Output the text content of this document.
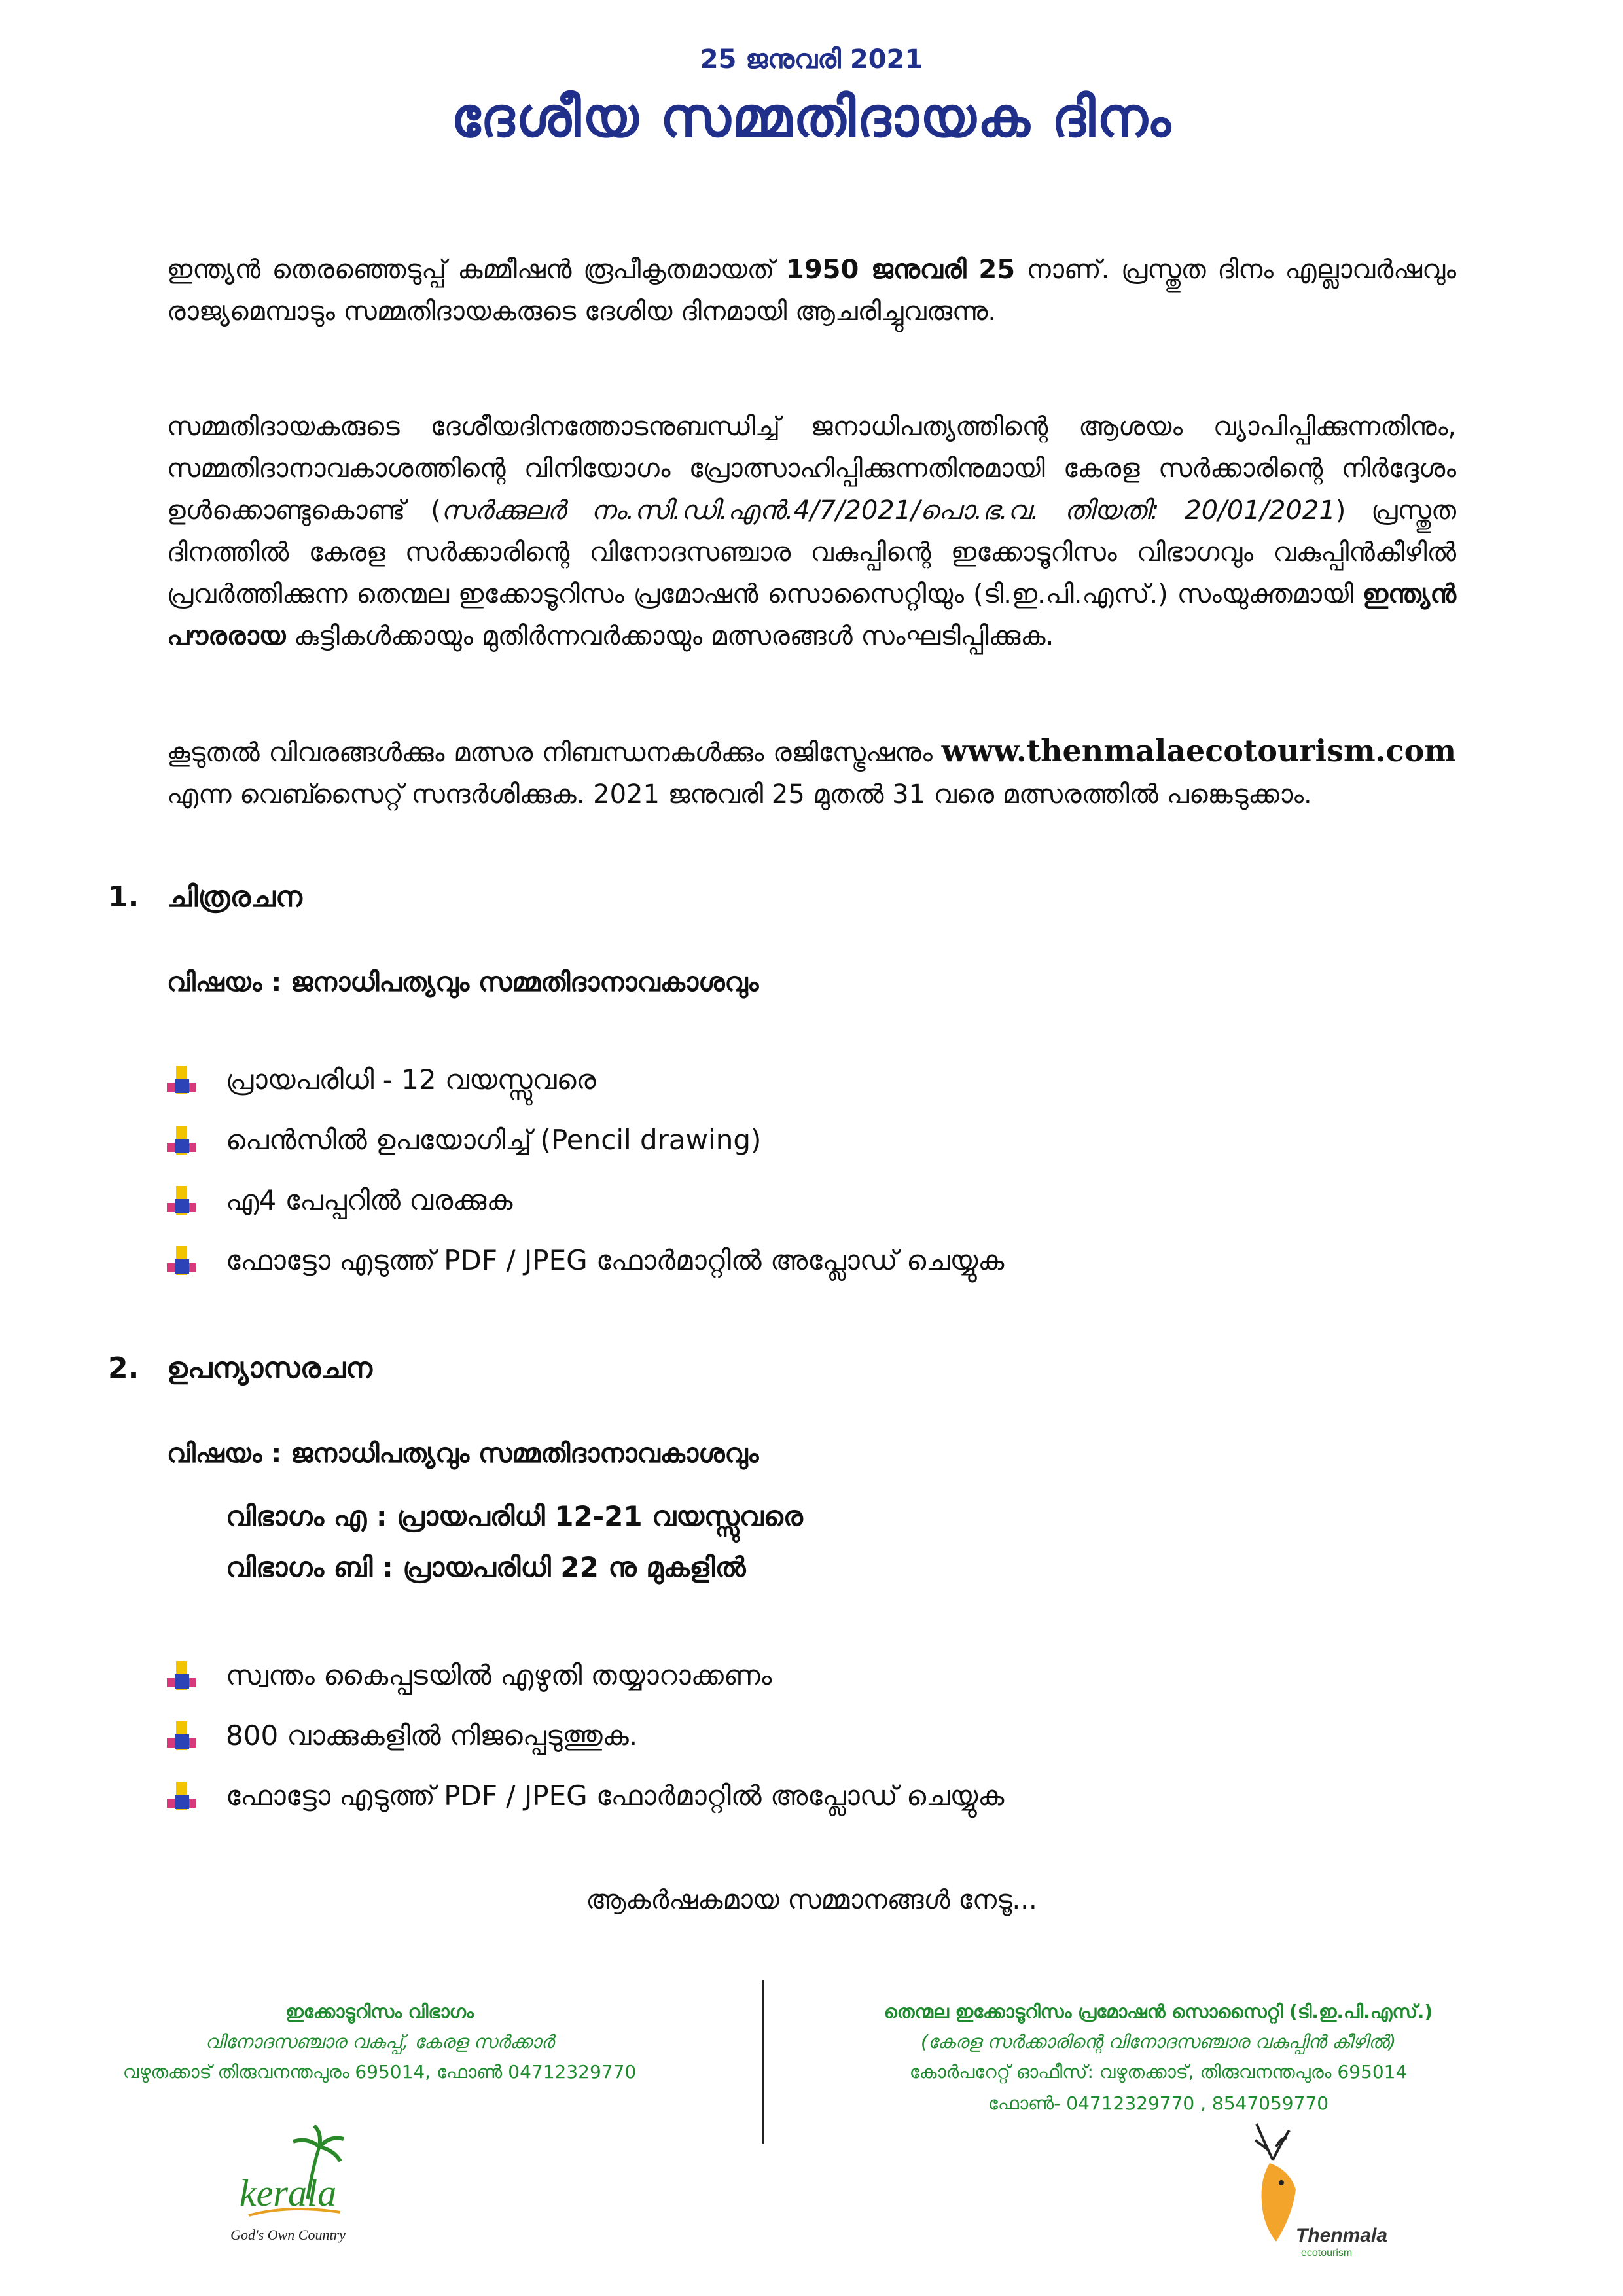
25 ജനുവരി 2021
ദേശീയ സമ്മതിദായക ദിനം
ഇന്ത്യൻ തെരഞ്ഞെടുപ്പ് കമ്മീഷൻ രൂപീകൃതമായത് 1950 ജനുവരി 25 നാണ്. പ്രസ്തുത ദിനം എല്ലാവർഷവും രാജ്യമെമ്പാടും സമ്മതിദായകരുടെ ദേശിയ ദിനമായി ആചരിച്ചുവരുന്നു.
സമ്മതിദായകരുടെ ദേശീയദിനത്തോടനുബന്ധിച്ച് ജനാധിപത്യത്തിന്റെ ആശയം വ്യാപിപ്പിക്കുന്നതിനും, സമ്മതിദാനാവകാശത്തിന്റെ വിനിയോഗം പ്രോത്സാഹിപ്പിക്കുന്നതിനുമായി കേരള സർക്കാരിന്റെ നിർദ്ദേശം ഉൾക്കൊണ്ടുകൊണ്ട് (സർക്കുലർ നം.സി.ഡി.എൻ.4/7/2021/പൊ.ഭ.വ. തിയതി: 20/01/2021) പ്രസ്തുത ദിനത്തിൽ കേരള സർക്കാരിന്റെ വിനോദസഞ്ചാര വകുപ്പിന്റെ ഇക്കോടൂറിസം വിഭാഗവും വകുപ്പിൻകീഴിൽ പ്രവർത്തിക്കുന്ന തെന്മല ഇക്കോടൂറിസം പ്രമോഷൻ സൊസൈറ്റിയും (ടി.ഇ.പി.എസ്.) സംയുക്തമായി ഇന്ത്യൻ പൗരരായ കുട്ടികൾക്കായും മുതിർന്നവർക്കായും മത്സരങ്ങൾ സംഘടിപ്പിക്കുക.
കൂടുതൽ വിവരങ്ങൾക്കും മത്സര നിബന്ധനകൾക്കും രജിസ്ട്രേഷനും www.thenmalaecotourism.com എന്ന വെബ്സൈറ്റ് സന്ദർശിക്കുക. 2021 ജനുവരി 25 മുതൽ 31 വരെ മത്സരത്തിൽ പങ്കെടുക്കാം.
1. ചിത്രരചന
വിഷയം : ജനാധിപത്യവും സമ്മതിദാനാവകാശവും
പ്രായപരിധി - 12 വയസ്സുവരെ
പെൻസിൽ ഉപയോഗിച്ച് (Pencil drawing)
എ4 പേപ്പറിൽ വരക്കുക
ഫോട്ടോ എടുത്ത് PDF / JPEG ഫോർമാറ്റിൽ അപ്ലോഡ് ചെയ്യുക
2. ഉപന്യാസരചന
വിഷയം : ജനാധിപത്യവും സമ്മതിദാനാവകാശവും
വിഭാഗം എ : പ്രായപരിധി 12-21 വയസ്സുവരെ
വിഭാഗം ബി : പ്രായപരിധി 22 നു മുകളിൽ
സ്വന്തം കൈപ്പടയിൽ എഴുതി തയ്യാറാക്കണം
800 വാക്കുകളിൽ നിജപ്പെടുത്തുക.
ഫോട്ടോ എടുത്ത് PDF / JPEG ഫോർമാറ്റിൽ അപ്ലോഡ് ചെയ്യുക
ആകർഷകമായ സമ്മാനങ്ങൾ നേടൂ...
ഇക്കോടൂറിസം വിഭാഗം
വിനോദസഞ്ചാര വകുപ്പ്, കേരള സർക്കാർ
വഴുതക്കാട് തിരുവനന്തപുരം 695014, ഫോൺ 04712329770
തെന്മല ഇക്കോടൂറിസം പ്രമോഷൻ സൊസൈറ്റി (ടി.ഇ.പി.എസ്.)
(കേരള സർക്കാരിന്റെ വിനോദസഞ്ചാര വകുപ്പിൻ കീഴിൽ)
കോർപറേറ്റ് ഓഫീസ്: വഴുതക്കാട്, തിരുവനന്തപുരം 695014
ഫോൺ- 04712329770 , 8547059770
kerala
God's Own Country	Thenmala
ecotourism
